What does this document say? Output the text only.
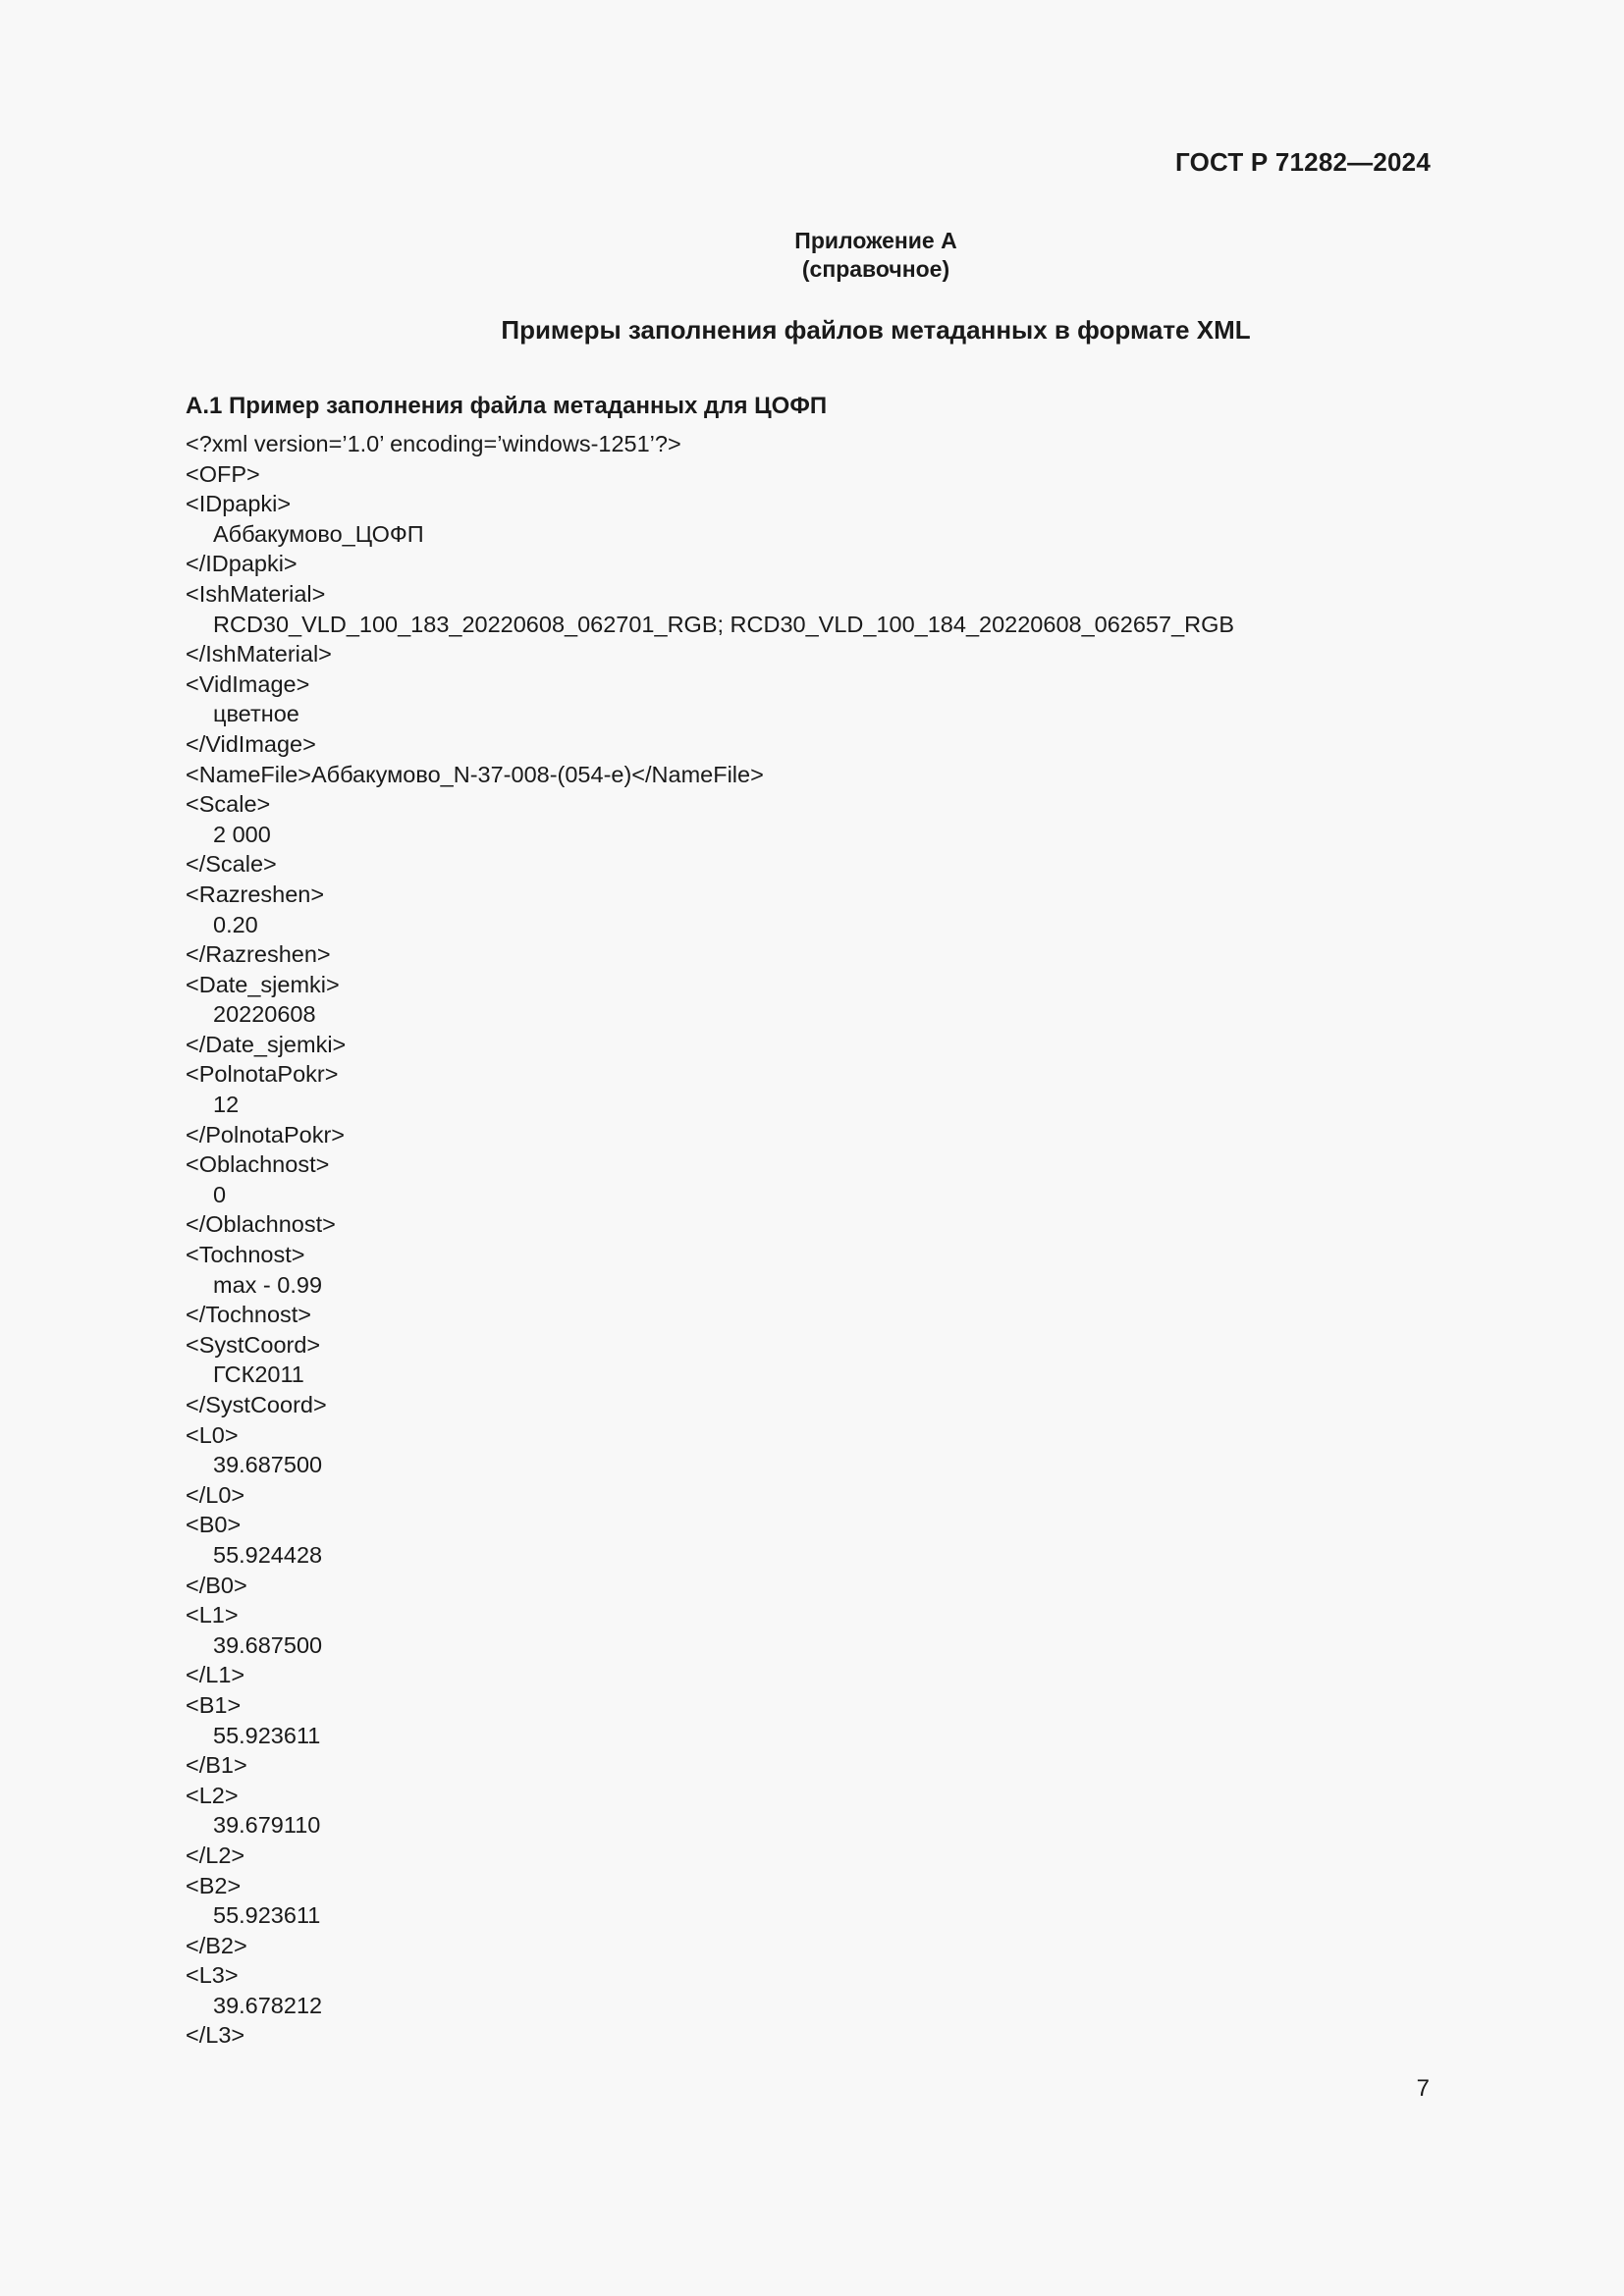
ГОСТ Р 71282—2024
Приложение А
(справочное)
Примеры заполнения файлов метаданных в формате XML
А.1 Пример заполнения файла метаданных для ЦОФП
<?xml version=’1.0’ encoding=’windows-1251’?>
<OFP>
<IDpapki>
Аббакумово_ЦОФП
</IDpapki>
<IshMaterial>
RCD30_VLD_100_183_20220608_062701_RGB; RCD30_VLD_100_184_20220608_062657_RGB
</IshMaterial>
<VidImage>
цветное
</VidImage>
<NameFile>Аббакумово_N-37-008-(054-е)</NameFile>
<Scale>
2 000
</Scale>
<Razreshen>
0.20
</Razreshen>
<Date_sjemki>
20220608
</Date_sjemki>
<PolnotaPokr>
12
</PolnotaPokr>
<Oblachnost>
0
</Oblachnost>
<Tochnost>
max - 0.99
</Tochnost>
<SystCoord>
ГСК2011
</SystCoord>
<L0>
39.687500
</L0>
<B0>
55.924428
</B0>
<L1>
39.687500
</L1>
<B1>
55.923611
</B1>
<L2>
39.679110
</L2>
<B2>
55.923611
</B2>
<L3>
39.678212
</L3>
7
